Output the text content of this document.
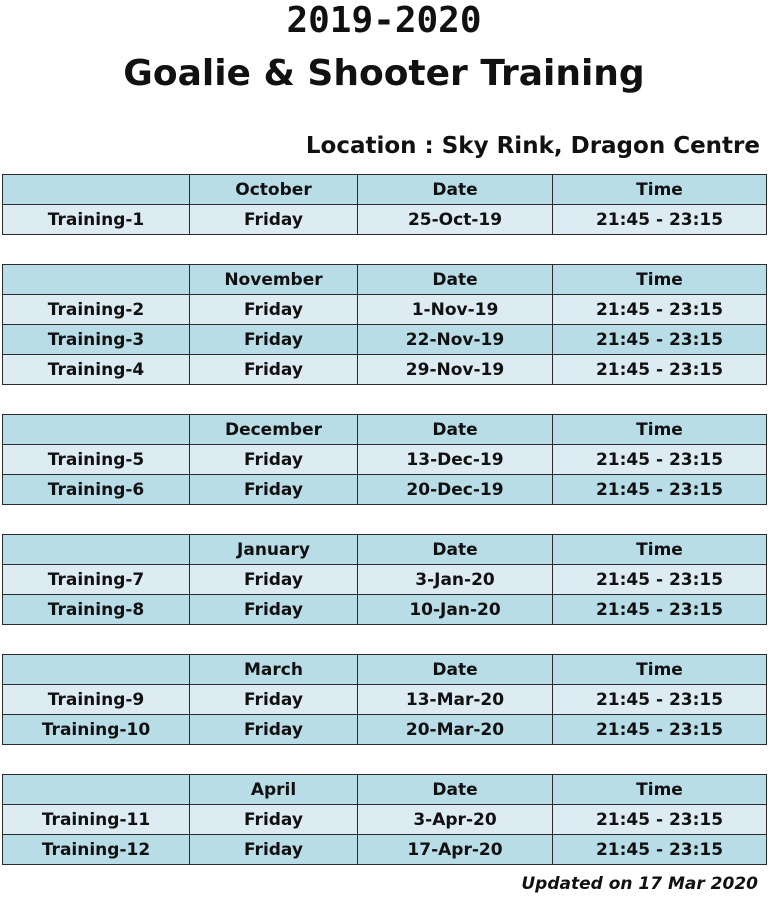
2019-2020
Goalie & Shooter Training
Location : Sky Rink, Dragon Centre
	October	Date	Time
Training-1	Friday	25-Oct-19	21:45 - 23:15
	November	Date	Time
Training-2	Friday	1-Nov-19	21:45 - 23:15
Training-3	Friday	22-Nov-19	21:45 - 23:15
Training-4	Friday	29-Nov-19	21:45 - 23:15
	December	Date	Time
Training-5	Friday	13-Dec-19	21:45 - 23:15
Training-6	Friday	20-Dec-19	21:45 - 23:15
	January	Date	Time
Training-7	Friday	3-Jan-20	21:45 - 23:15
Training-8	Friday	10-Jan-20	21:45 - 23:15
	March	Date	Time
Training-9	Friday	13-Mar-20	21:45 - 23:15
Training-10	Friday	20-Mar-20	21:45 - 23:15
	April	Date	Time
Training-11	Friday	3-Apr-20	21:45 - 23:15
Training-12	Friday	17-Apr-20	21:45 - 23:15
Updated on 17 Mar 2020
